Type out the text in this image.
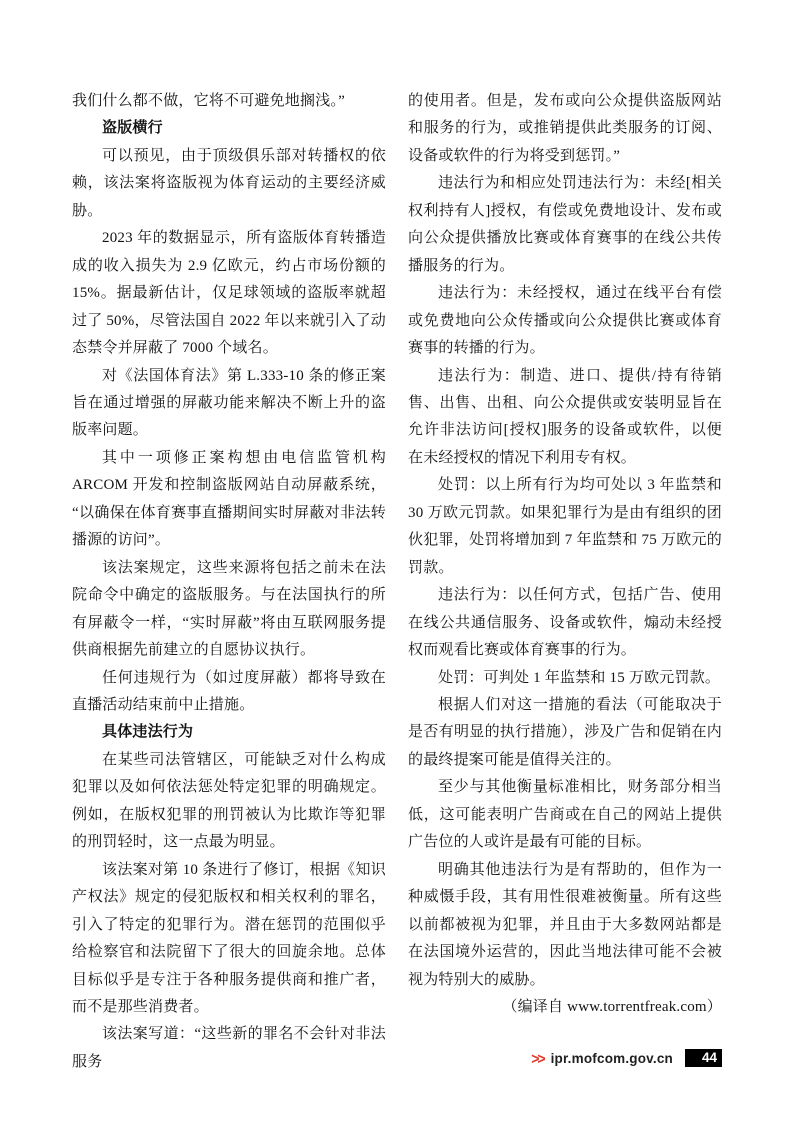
我们什么都不做，它将不可避免地搁浅。”

盗版横行

可以预见，由于顶级俱乐部对转播权的依赖，该法案将盗版视为体育运动的主要经济威胁。

2023 年的数据显示，所有盗版体育转播造成的收入损失为 2.9 亿欧元，约占市场份额的 15%。据最新估计，仅足球领域的盗版率就超过了 50%，尽管法国自 2022 年以来就引入了动态禁令并屏蔽了 7000 个域名。

对《法国体育法》第 L.333-10 条的修正案旨在通过增强的屏蔽功能来解决不断上升的盗版率问题。

其中一项修正案构想由电信监管机构 ARCOM 开发和控制盗版网站自动屏蔽系统，“以确保在体育赛事直播期间实时屏蔽对非法转播源的访问”。

该法案规定，这些来源将包括之前未在法院命令中确定的盗版服务。与在法国执行的所有屏蔽令一样，“实时屏蔽”将由互联网服务提供商根据先前建立的自愿协议执行。

任何违规行为（如过度屏蔽）都将导致在直播活动结束前中止措施。

具体违法行为

在某些司法管辖区，可能缺乏对什么构成犯罪以及如何依法惩处特定犯罪的明确规定。例如，在版权犯罪的刑罚被认为比欺诈等犯罪的刑罚轻时，这一点最为明显。

该法案对第 10 条进行了修订，根据《知识产权法》规定的侵犯版权和相关权利的罪名，引入了特定的犯罪行为。潜在惩罚的范围似乎给检察官和法院留下了很大的回旋余地。总体目标似乎是专注于各种服务提供商和推广者，而不是那些消费者。

该法案写道：“这些新的罪名不会针对非法服务

的使用者。但是，发布或向公众提供盗版网站和服务的行为，或推销提供此类服务的订阅、设备或软件的行为将受到惩罚。”

违法行为和相应处罚违法行为：未经[相关权利持有人]授权，有偿或免费地设计、发布或向公众提供播放比赛或体育赛事的在线公共传播服务的行为。

违法行为：未经授权，通过在线平台有偿或免费地向公众传播或向公众提供比赛或体育赛事的转播的行为。

违法行为：制造、进口、提供/持有待销售、出售、出租、向公众提供或安装明显旨在允许非法访问[授权]服务的设备或软件，以便在未经授权的情况下利用专有权。

处罚：以上所有行为均可处以 3 年监禁和 30 万欧元罚款。如果犯罪行为是由有组织的团伙犯罪，处罚将增加到 7 年监禁和 75 万欧元的罚款。

违法行为：以任何方式，包括广告、使用在线公共通信服务、设备或软件，煽动未经授权而观看比赛或体育赛事的行为。

处罚：可判处 1 年监禁和 15 万欧元罚款。

根据人们对这一措施的看法（可能取决于是否有明显的执行措施），涉及广告和促销在内的最终提案可能是值得关注的。

至少与其他衡量标准相比，财务部分相当低，这可能表明广告商或在自己的网站上提供广告位的人或许是最有可能的目标。

明确其他违法行为是有帮助的，但作为一种威慑手段，其有用性很难被衡量。所有这些以前都被视为犯罪，并且由于大多数网站都是在法国境外运营的，因此当地法律可能不会被视为特别大的威胁。

（编译自 www.torrentfreak.com）

>> ipr.mofcom.gov.cn	44
